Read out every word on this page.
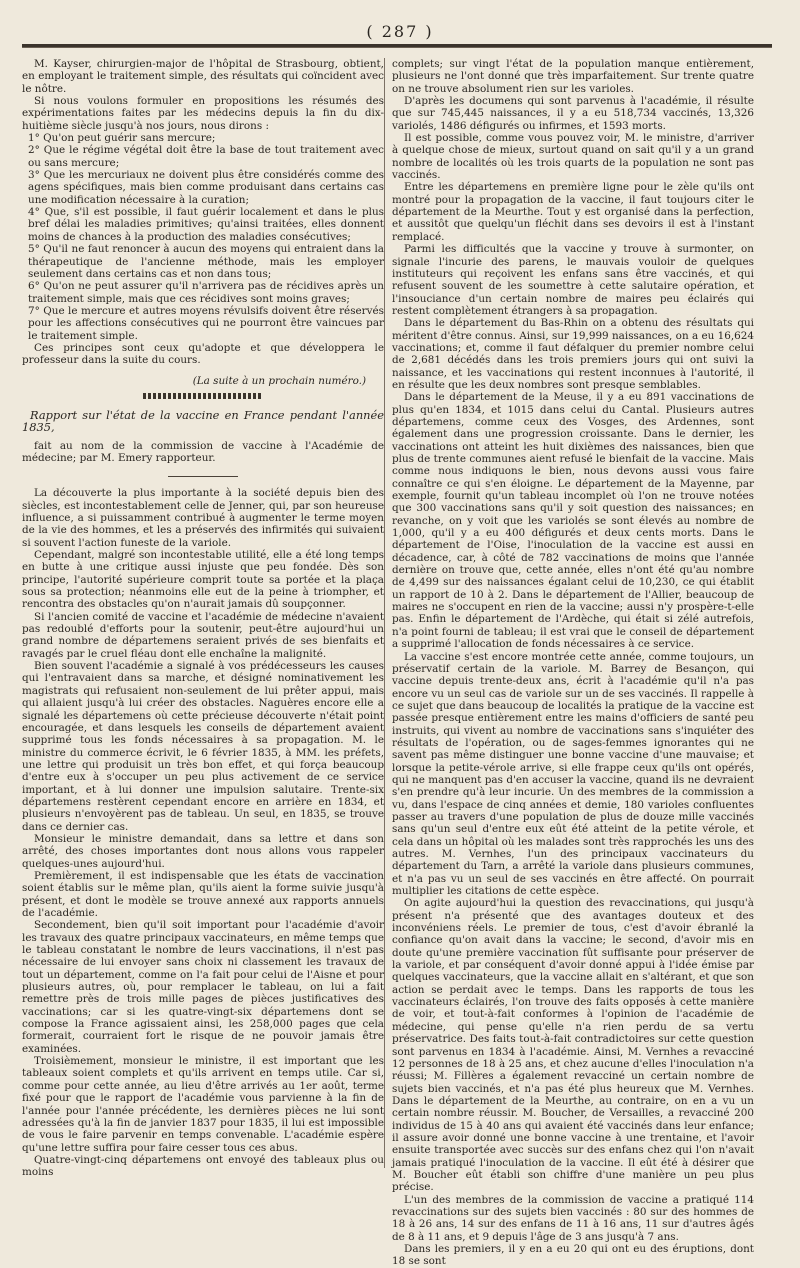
( 287 )

M. Kayser, chirurgien-major de l'hôpital de Strasbourg, obtient, en employant le traitement simple, des résultats qui coïncident avec le nôtre.

Si nous voulons formuler en propositions les résumés des expérimentations faites par les médecins depuis la fin du dix-huitième siècle jusqu'à nos jours, nous dirons :

1° Qu'on peut guérir sans mercure;

2° Que le régime végétal doit être la base de tout traitement avec ou sans mercure;

3° Que les mercuriaux ne doivent plus être considérés comme des agens spécifiques, mais bien comme produisant dans certains cas une modification nécessaire à la curation;

4° Que, s'il est possible, il faut guérir localement et dans le plus bref délai les maladies primitives; qu'ainsi traitées, elles donnent moins de chances à la production des maladies consécutives;

5° Qu'il ne faut renoncer à aucun des moyens qui entraient dans la thérapeutique de l'ancienne méthode, mais les employer seulement dans certains cas et non dans tous;

6° Qu'on ne peut assurer qu'il n'arrivera pas de récidives après un traitement simple, mais que ces récidives sont moins graves;

7° Que le mercure et autres moyens révulsifs doivent être réservés pour les affections consécutives qui ne pourront être vaincues par le traitement simple.

Ces principes sont ceux qu'adopte et que développera le professeur dans la suite du cours.

(La suite à un prochain numéro.)

Rapport sur l'état de la vaccine en France pendant l'année 1835,

fait au nom de la commission de vaccine à l'Académie de médecine; par M. Emery rapporteur.

La découverte la plus importante à la société depuis bien des siècles, est incontestablement celle de Jenner, qui, par son heureuse influence, a si puissamment contribué à augmenter le terme moyen de la vie des hommes, et les a préservés des infirmités qui suivaient si souvent l'action funeste de la variole.

Cependant, malgré son incontestable utilité, elle a été long temps en butte à une critique aussi injuste que peu fondée. Dès son principe, l'autorité supérieure comprit toute sa portée et la plaça sous sa protection; néanmoins elle eut de la peine à triompher, et rencontra des obstacles qu'on n'aurait jamais dû soupçonner.

Si l'ancien comité de vaccine et l'académie de médecine n'avaient pas redoublé d'efforts pour la soutenir, peut-être aujourd'hui un grand nombre de départemens seraient privés de ses bienfaits et ravagés par le cruel fléau dont elle enchaîne la malignité.

Bien souvent l'académie a signalé à vos prédécesseurs les causes qui l'entravaient dans sa marche, et désigné nominativement les magistrats qui refusaient non-seulement de lui prêter appui, mais qui allaient jusqu'à lui créer des obstacles. Naguères encore elle a signalé les départemens où cette précieuse découverte n'était point encouragée, et dans lesquels les conseils de département avaient supprimé tous les fonds nécessaires à sa propagation. M. le ministre du commerce écrivit, le 6 février 1835, à MM. les préfets, une lettre qui produisit un très bon effet, et qui força beaucoup d'entre eux à s'occuper un peu plus activement de ce service important, et à lui donner une impulsion salutaire. Trente-six départemens restèrent cependant encore en arrière en 1834, et plusieurs n'envoyèrent pas de tableau. Un seul, en 1835, se trouve dans ce dernier cas.

Monsieur le ministre demandait, dans sa lettre et dans son arrêté, des choses importantes dont nous allons vous rappeler quelques-unes aujourd'hui.

Premièrement, il est indispensable que les états de vaccination soient établis sur le même plan, qu'ils aient la forme suivie jusqu'à présent, et dont le modèle se trouve annexé aux rapports annuels de l'académie.

Secondement, bien qu'il soit important pour l'académie d'avoir les travaux des quatre principaux vaccinateurs, en même temps que le tableau constatant le nombre de leurs vaccinations, il n'est pas nécessaire de lui envoyer sans choix ni classement les travaux de tout un département, comme on l'a fait pour celui de l'Aisne et pour plusieurs autres, où, pour remplacer le tableau, on lui a fait remettre près de trois mille pages de pièces justificatives des vaccinations; car si les quatre-vingt-six départemens dont se compose la France agissaient ainsi, les 258,000 pages que cela formerait, courraient fort le risque de ne pouvoir jamais être examinées.

Troisièmement, monsieur le ministre, il est important que les tableaux soient complets et qu'ils arrivent en temps utile. Car si, comme pour cette année, au lieu d'être arrivés au 1er août, terme fixé pour que le rapport de l'académie vous parvienne à la fin de l'année pour l'année précédente, les dernières pièces ne lui sont adressées qu'à la fin de janvier 1837 pour 1835, il lui est impossible de vous le faire parvenir en temps convenable. L'académie espère qu'une lettre suffira pour faire cesser tous ces abus.

Quatre-vingt-cinq départemens ont envoyé des tableaux plus ou moins

complets; sur vingt l'état de la population manque entièrement, plusieurs ne l'ont donné que très imparfaitement. Sur trente quatre on ne trouve absolument rien sur les varioles.

D'après les documens qui sont parvenus à l'académie, il résulte que sur 745,445 naissances, il y a eu 518,734 vaccinés, 13,326 variolés, 1486 défigurés ou infirmes, et 1593 morts.

Il est possible, comme vous pouvez voir, M. le ministre, d'arriver à quelque chose de mieux, surtout quand on sait qu'il y a un grand nombre de localités où les trois quarts de la population ne sont pas vaccinés.

Entre les départemens en première ligne pour le zèle qu'ils ont montré pour la propagation de la vaccine, il faut toujours citer le département de la Meurthe. Tout y est organisé dans la perfection, et aussitôt que quelqu'un fléchit dans ses devoirs il est à l'instant remplacé.

Parmi les difficultés que la vaccine y trouve à surmonter, on signale l'incurie des parens, le mauvais vouloir de quelques instituteurs qui reçoivent les enfans sans être vaccinés, et qui refusent souvent de les soumettre à cette salutaire opération, et l'insouciance d'un certain nombre de maires peu éclairés qui restent complètement étrangers à sa propagation.

Dans le département du Bas-Rhin on a obtenu des résultats qui méritent d'être connus. Ainsi, sur 19,999 naissances, on a eu 16,624 vaccinations; et, comme il faut défalquer du premier nombre celui de 2,681 décédés dans les trois premiers jours qui ont suivi la naissance, et les vaccinations qui restent inconnues à l'autorité, il en résulte que les deux nombres sont presque semblables.

Dans le département de la Meuse, il y a eu 891 vaccinations de plus qu'en 1834, et 1015 dans celui du Cantal. Plusieurs autres départemens, comme ceux des Vosges, des Ardennes, sont également dans une progression croissante. Dans le dernier, les vaccinations ont atteint les huit dixièmes des naissances, bien que plus de trente communes aient refusé le bienfait de la vaccine. Mais comme nous indiquons le bien, nous devons aussi vous faire connaître ce qui s'en éloigne. Le département de la Mayenne, par exemple, fournit qu'un tableau incomplet où l'on ne trouve notées que 300 vaccinations sans qu'il y soit question des naissances; en revanche, on y voit que les variolés se sont élevés au nombre de 1,000, qu'il y a eu 400 défigurés et deux cents morts. Dans le département de l'Oise, l'inoculation de la vaccine est aussi en décadence, car, à côté de 782 vaccinations de moins que l'année dernière on trouve que, cette année, elles n'ont été qu'au nombre de 4,499 sur des naissances égalant celui de 10,230, ce qui établit un rapport de 10 à 2. Dans le département de l'Allier, beaucoup de maires ne s'occupent en rien de la vaccine; aussi n'y prospère-t-elle pas. Enfin le département de l'Ardèche, qui était si zélé autrefois, n'a point fourni de tableau; il est vrai que le conseil de département a supprimé l'allocation de fonds nécessaires à ce service.

La vaccine s'est encore montrée cette année, comme toujours, un préservatif certain de la variole. M. Barrey de Besançon, qui vaccine depuis trente-deux ans, écrit à l'académie qu'il n'a pas encore vu un seul cas de variole sur un de ses vaccinés. Il rappelle à ce sujet que dans beaucoup de localités la pratique de la vaccine est passée presque entièrement entre les mains d'officiers de santé peu instruits, qui vivent au nombre de vaccinations sans s'inquiéter des résultats de l'opération, ou de sages-femmes ignorantes qui ne savent pas même distinguer une bonne vaccine d'une mauvaise; et lorsque la petite-vérole arrive, si elle frappe ceux qu'ils ont opérés, qui ne manquent pas d'en accuser la vaccine, quand ils ne devraient s'en prendre qu'à leur incurie. Un des membres de la commission a vu, dans l'espace de cinq années et demie, 180 varioles confluentes passer au travers d'une population de plus de douze mille vaccinés sans qu'un seul d'entre eux eût été atteint de la petite vérole, et cela dans un hôpital où les malades sont très rapprochés les uns des autres. M. Vernhes, l'un des principaux vaccinateurs du département du Tarn, a arrêté la variole dans plusieurs communes, et n'a pas vu un seul de ses vaccinés en être affecté. On pourrait multiplier les citations de cette espèce.

On agite aujourd'hui la question des revaccinations, qui jusqu'à présent n'a présenté que des avantages douteux et des inconvéniens réels. Le premier de tous, c'est d'avoir ébranlé la confiance qu'on avait dans la vaccine; le second, d'avoir mis en doute qu'une première vaccination fût suffisante pour préserver de la variole, et par conséquent d'avoir donné appui à l'idée émise par quelques vaccinateurs, que la vaccine allait en s'altérant, et que son action se perdait avec le temps. Dans les rapports de tous les vaccinateurs éclairés, l'on trouve des faits opposés à cette manière de voir, et tout-à-fait conformes à l'opinion de l'académie de médecine, qui pense qu'elle n'a rien perdu de sa vertu préservatrice. Des faits tout-à-fait contradictoires sur cette question sont parvenus en 1834 à l'académie. Ainsi, M. Vernhes a revacciné 12 personnes de 18 à 25 ans, et chez aucune d'elles l'inoculation n'a réussi; M. Fillères a également revacciné un certain nombre de sujets bien vaccinés, et n'a pas été plus heureux que M. Vernhes. Dans le département de la Meurthe, au contraire, on en a vu un certain nombre réussir. M. Boucher, de Versailles, a revacciné 200 individus de 15 à 40 ans qui avaient été vaccinés dans leur enfance; il assure avoir donné une bonne vaccine à une trentaine, et l'avoir ensuite transportée avec succès sur des enfans chez qui l'on n'avait jamais pratiqué l'inoculation de la vaccine. Il eût été à désirer que M. Boucher eût établi son chiffre d'une manière un peu plus précise.

L'un des membres de la commission de vaccine a pratiqué 114 revaccinations sur des sujets bien vaccinés : 80 sur des hommes de 18 à 26 ans, 14 sur des enfans de 11 à 16 ans, 11 sur d'autres âgés de 8 à 11 ans, et 9 depuis l'âge de 3 ans jusqu'à 7 ans.

Dans les premiers, il y en a eu 20 qui ont eu des éruptions, dont 18 se sont
